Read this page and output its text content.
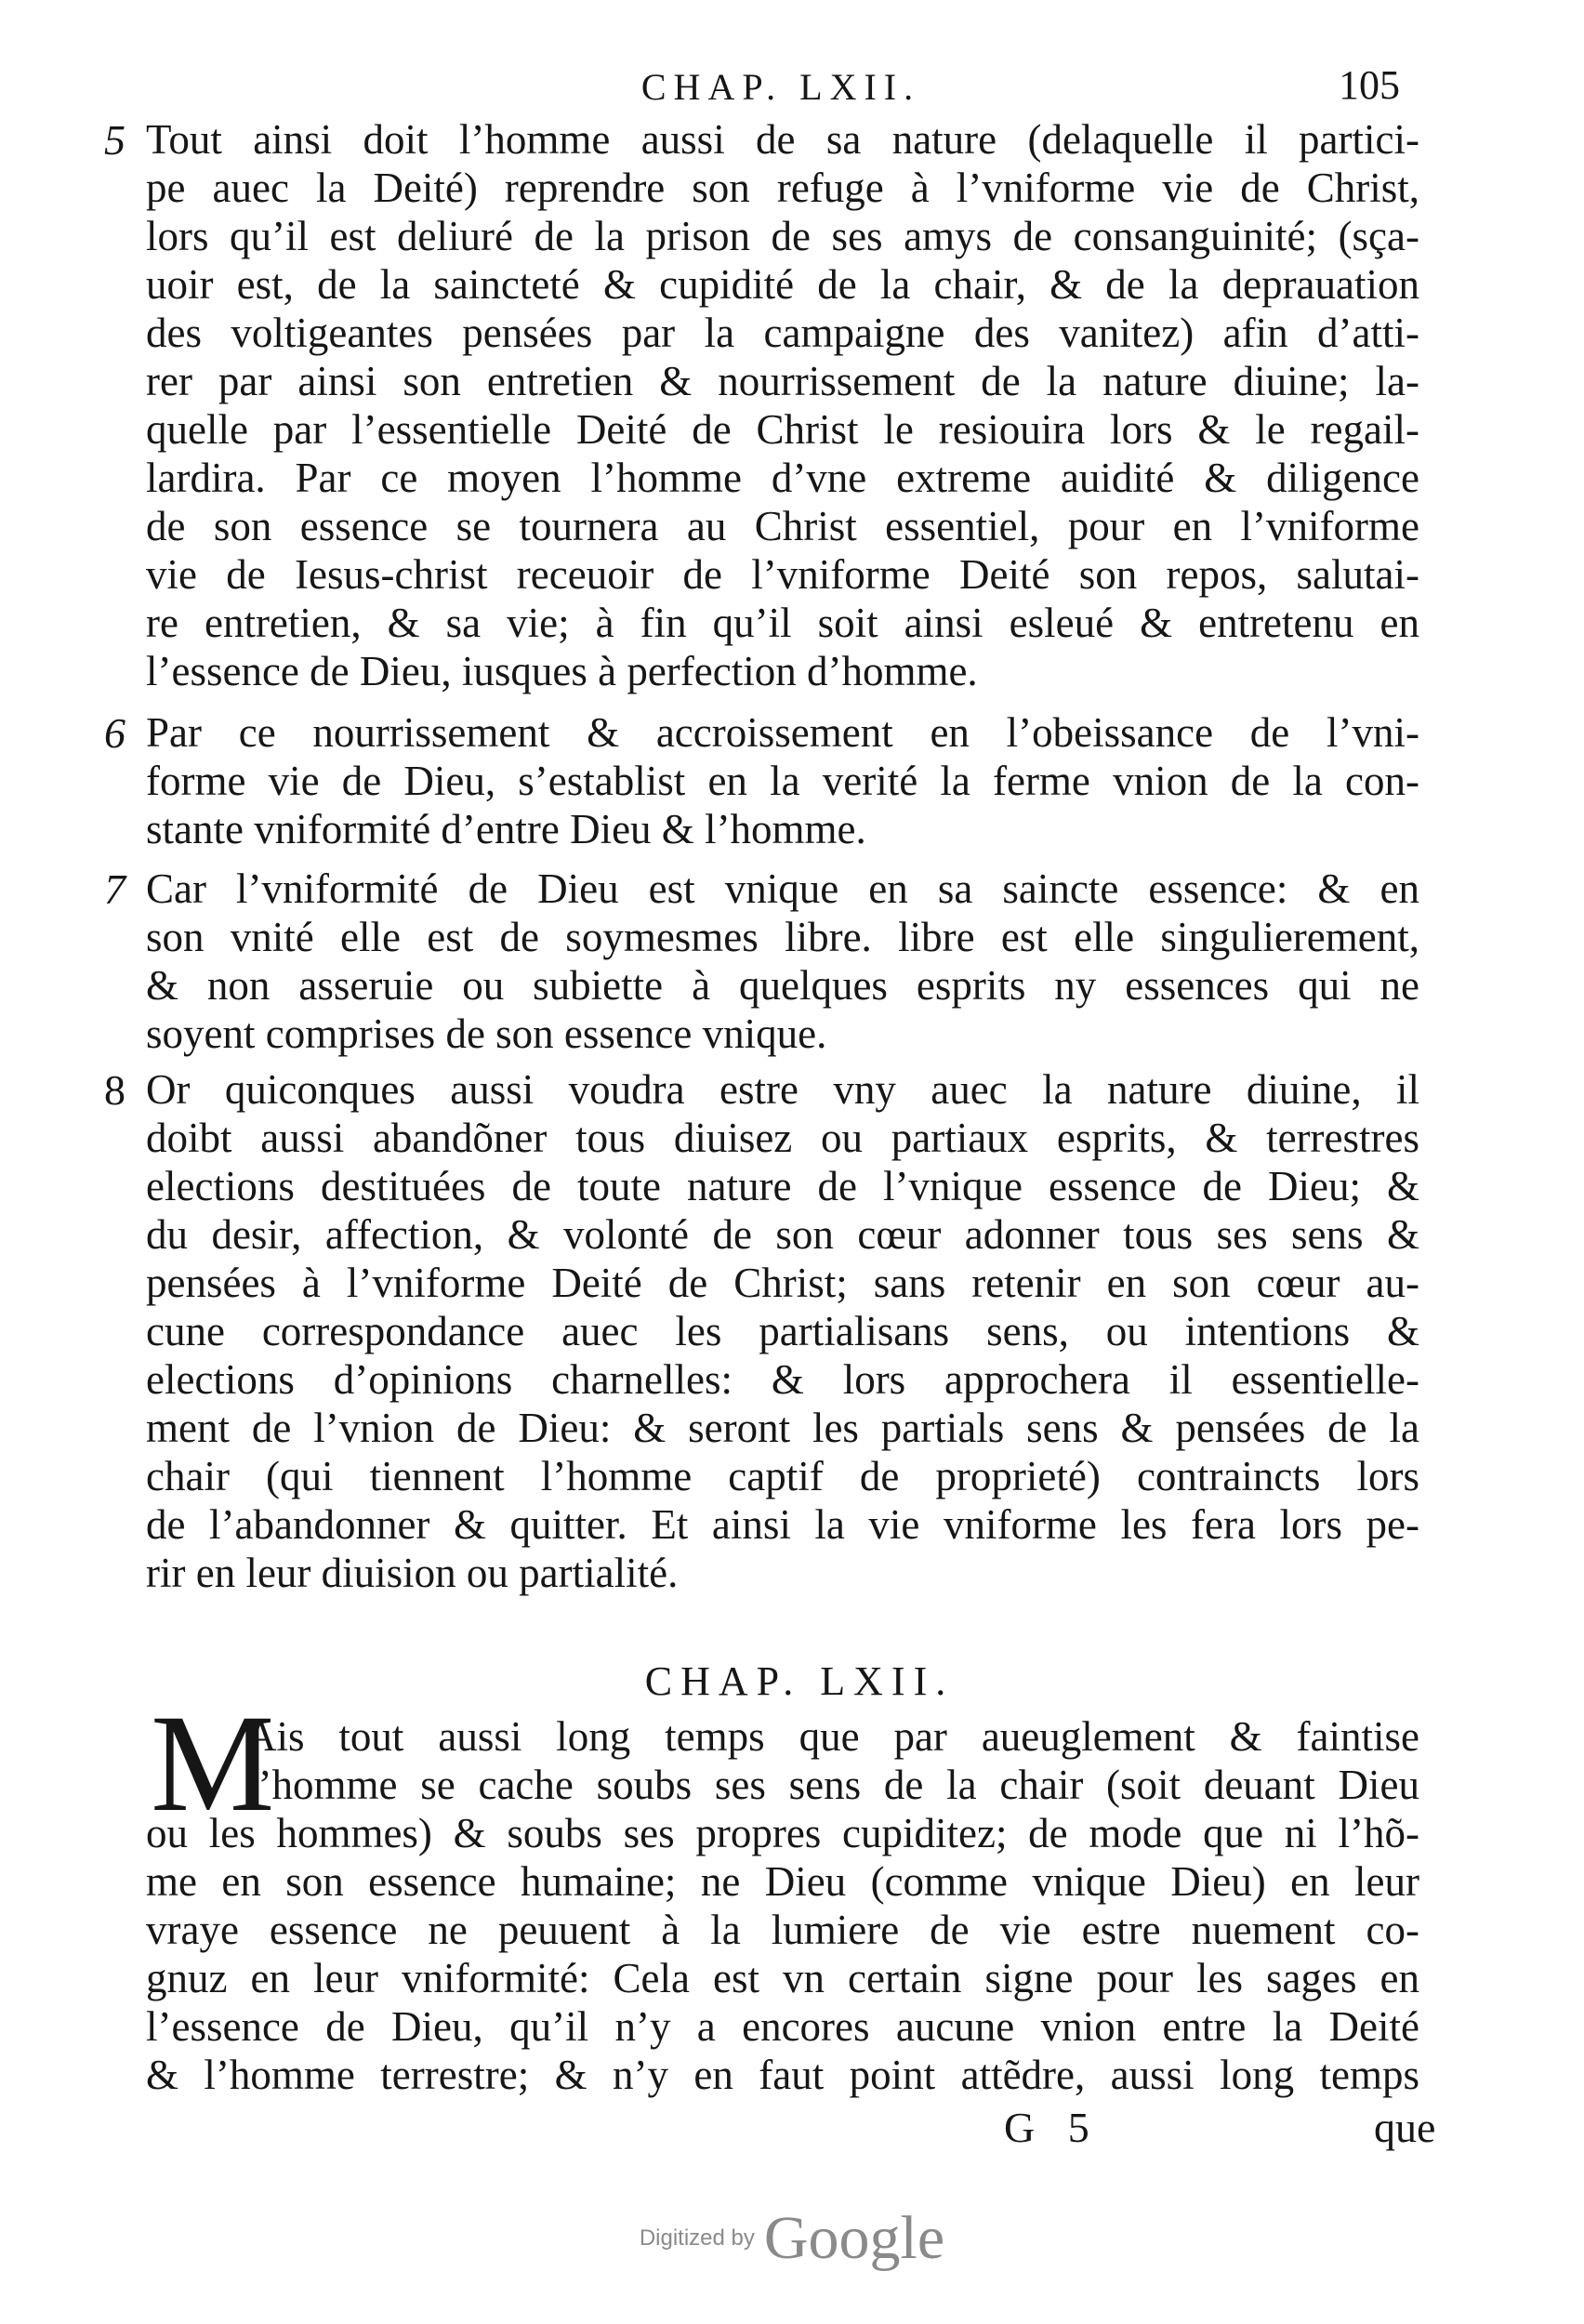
CHAP. LXII.	105
5 Tout ainsi doit l’homme aussi de sa nature (delaquelle il partici-
pe auec la Deité) reprendre son refuge à l’vniforme vie de Christ,
lors qu’il est deliuré de la prison de ses amys de consanguinité; (sça-
uoir est, de la saincteté & cupidité de la chair, & de la deprauation
des voltigeantes pensées par la campaigne des vanitez) afin d’atti-
rer par ainsi son entretien & nourrissement de la nature diuine; la-
quelle par l’essentielle Deité de Christ le resiouira lors & le regail-
lardira. Par ce moyen l’homme d’vne extreme auidité & diligence
de son essence se tournera au Christ essentiel, pour en l’vniforme
vie de Iesus-christ receuoir de l’vniforme Deité son repos, salutai-
re entretien, & sa vie; à fin qu’il soit ainsi esleué & entretenu en
l’essence de Dieu, iusques à perfection d’homme.
6 Par ce nourrissement & accroissement en l’obeissance de l’vni-
forme vie de Dieu, s’establist en la verité la ferme vnion de la con-
stante vniformité d’entre Dieu & l’homme.
7 Car l’vniformité de Dieu est vnique en sa saincte essence: & en
son vnité elle est de soymesmes libre. libre est elle singulierement,
& non asseruie ou subiette à quelques esprits ny essences qui ne
soyent comprises de son essence vnique.
8 Or quiconques aussi voudra estre vny auec la nature diuine, il
doibt aussi abandõner tous diuisez ou partiaux esprits, & terrestres
elections destituées de toute nature de l’vnique essence de Dieu; &
du desir, affection, & volonté de son cœur adonner tous ses sens &
pensées à l’vniforme Deité de Christ; sans retenir en son cœur au-
cune correspondance auec les partialisans sens, ou intentions &
elections d’opinions charnelles: & lors approchera il essentielle-
ment de l’vnion de Dieu: & seront les partials sens & pensées de la
chair (qui tiennent l’homme captif de proprieté) contraincts lors
de l’abandonner & quitter. Et ainsi la vie vniforme les fera lors pe-
rir en leur diuision ou partialité.
CHAP. LXII.
M
Ais tout aussi long temps que par aueuglement & faintise
l’homme se cache soubs ses sens de la chair (soit deuant Dieu
ou les hommes) & soubs ses propres cupiditez; de mode que ni l’hõ-
me en son essence humaine; ne Dieu (comme vnique Dieu) en leur
vraye essence ne peuuent à la lumiere de vie estre nuement co-
gnuz en leur vniformité: Cela est vn certain signe pour les sages en
l’essence de Dieu, qu’il n’y a encores aucune vnion entre la Deité
& l’homme terrestre; & n’y en faut point attẽdre, aussi long temps
G 5	que
Digitized by Google
